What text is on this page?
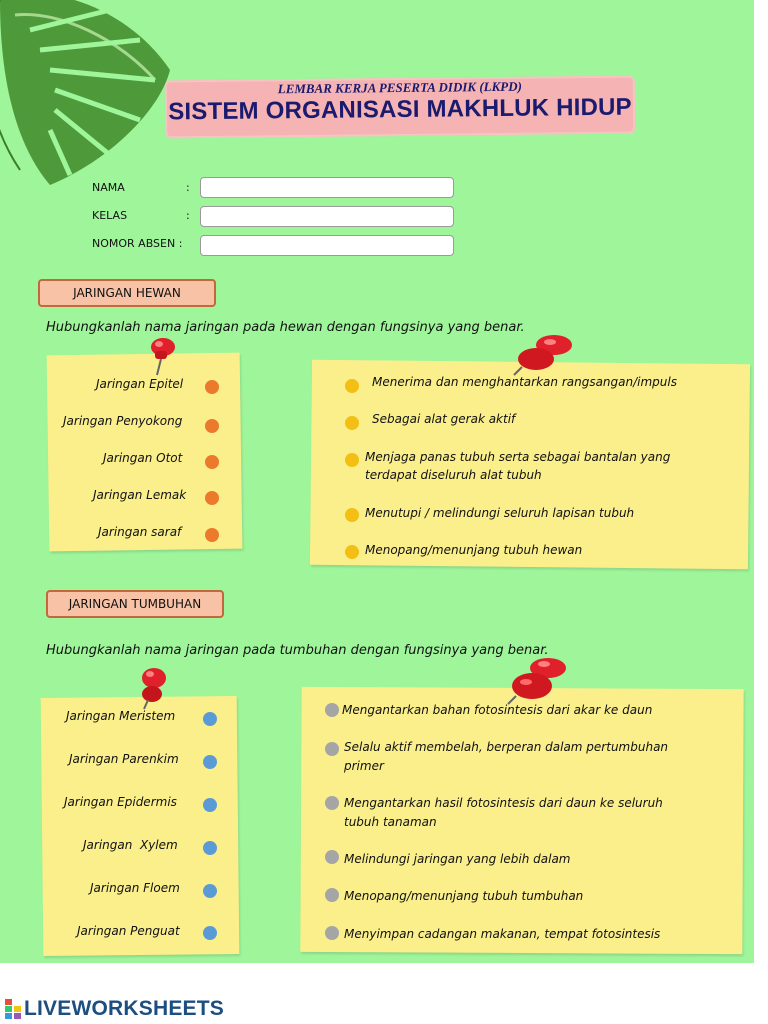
LEMBAR KERJA PESERTA DIDIK (LKPD)
SISTEM ORGANISASI MAKHLUK HIDUP
NAMA	:
KELAS	:
NOMOR ABSEN :
JARINGAN HEWAN
Hubungkanlah nama jaringan pada hewan dengan fungsinya yang benar.
Jaringan Epitel
Jaringan Penyokong
Jaringan Otot
Jaringan Lemak
Jaringan saraf
Menerima dan menghantarkan rangsangan/impuls
Sebagai alat gerak aktif
Menjaga panas tubuh serta sebagai bantalan yang
terdapat diseluruh alat tubuh
Menutupi / melindungi seluruh lapisan tubuh
Menopang/menunjang tubuh hewan
JARINGAN TUMBUHAN
Hubungkanlah nama jaringan pada tumbuhan dengan fungsinya yang benar.
Jaringan Meristem
Jaringan Parenkim
Jaringan Epidermis
Jaringan  Xylem
Jaringan Floem
Jaringan Penguat
Mengantarkan bahan fotosintesis dari akar ke daun
Selalu aktif membelah, berperan dalam pertumbuhan
primer
Mengantarkan hasil fotosintesis dari daun ke seluruh
tubuh tanaman
Melindungi jaringan yang lebih dalam
Menopang/menunjang tubuh tumbuhan
Menyimpan cadangan makanan, tempat fotosintesis
LIVEWORKSHEETS
